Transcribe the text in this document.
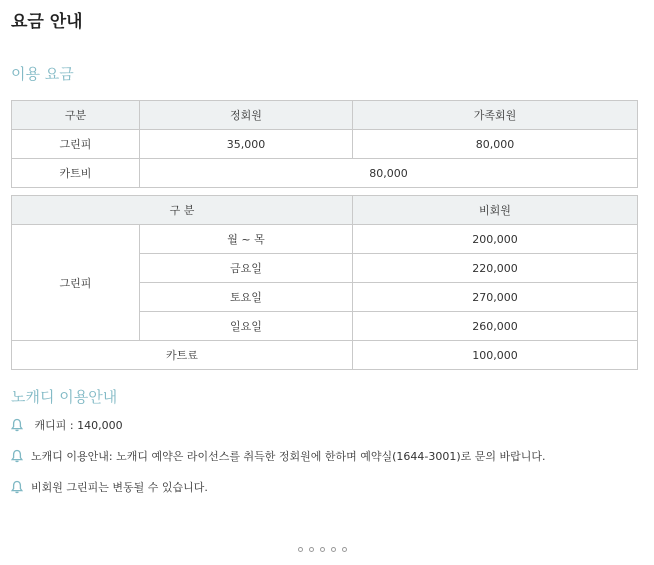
요금 안내
이용 요금
구분	정회원	가족회원
그린피	35,000	80,000
카트비	80,000	
구 분		비회원
그린피	월 ~ 목	200,000
	금요일	220,000
	토요일	270,000
	일요일	260,000
카트료		100,000
노캐디 이용안내
캐디피 : 140,000
노캐디 이용안내: 노캐디 예약은 라이선스를 취득한 정회원에 한하며 예약실(1644-3001)로 문의 바랍니다.
비회원 그린피는 변동될 수 있습니다.
